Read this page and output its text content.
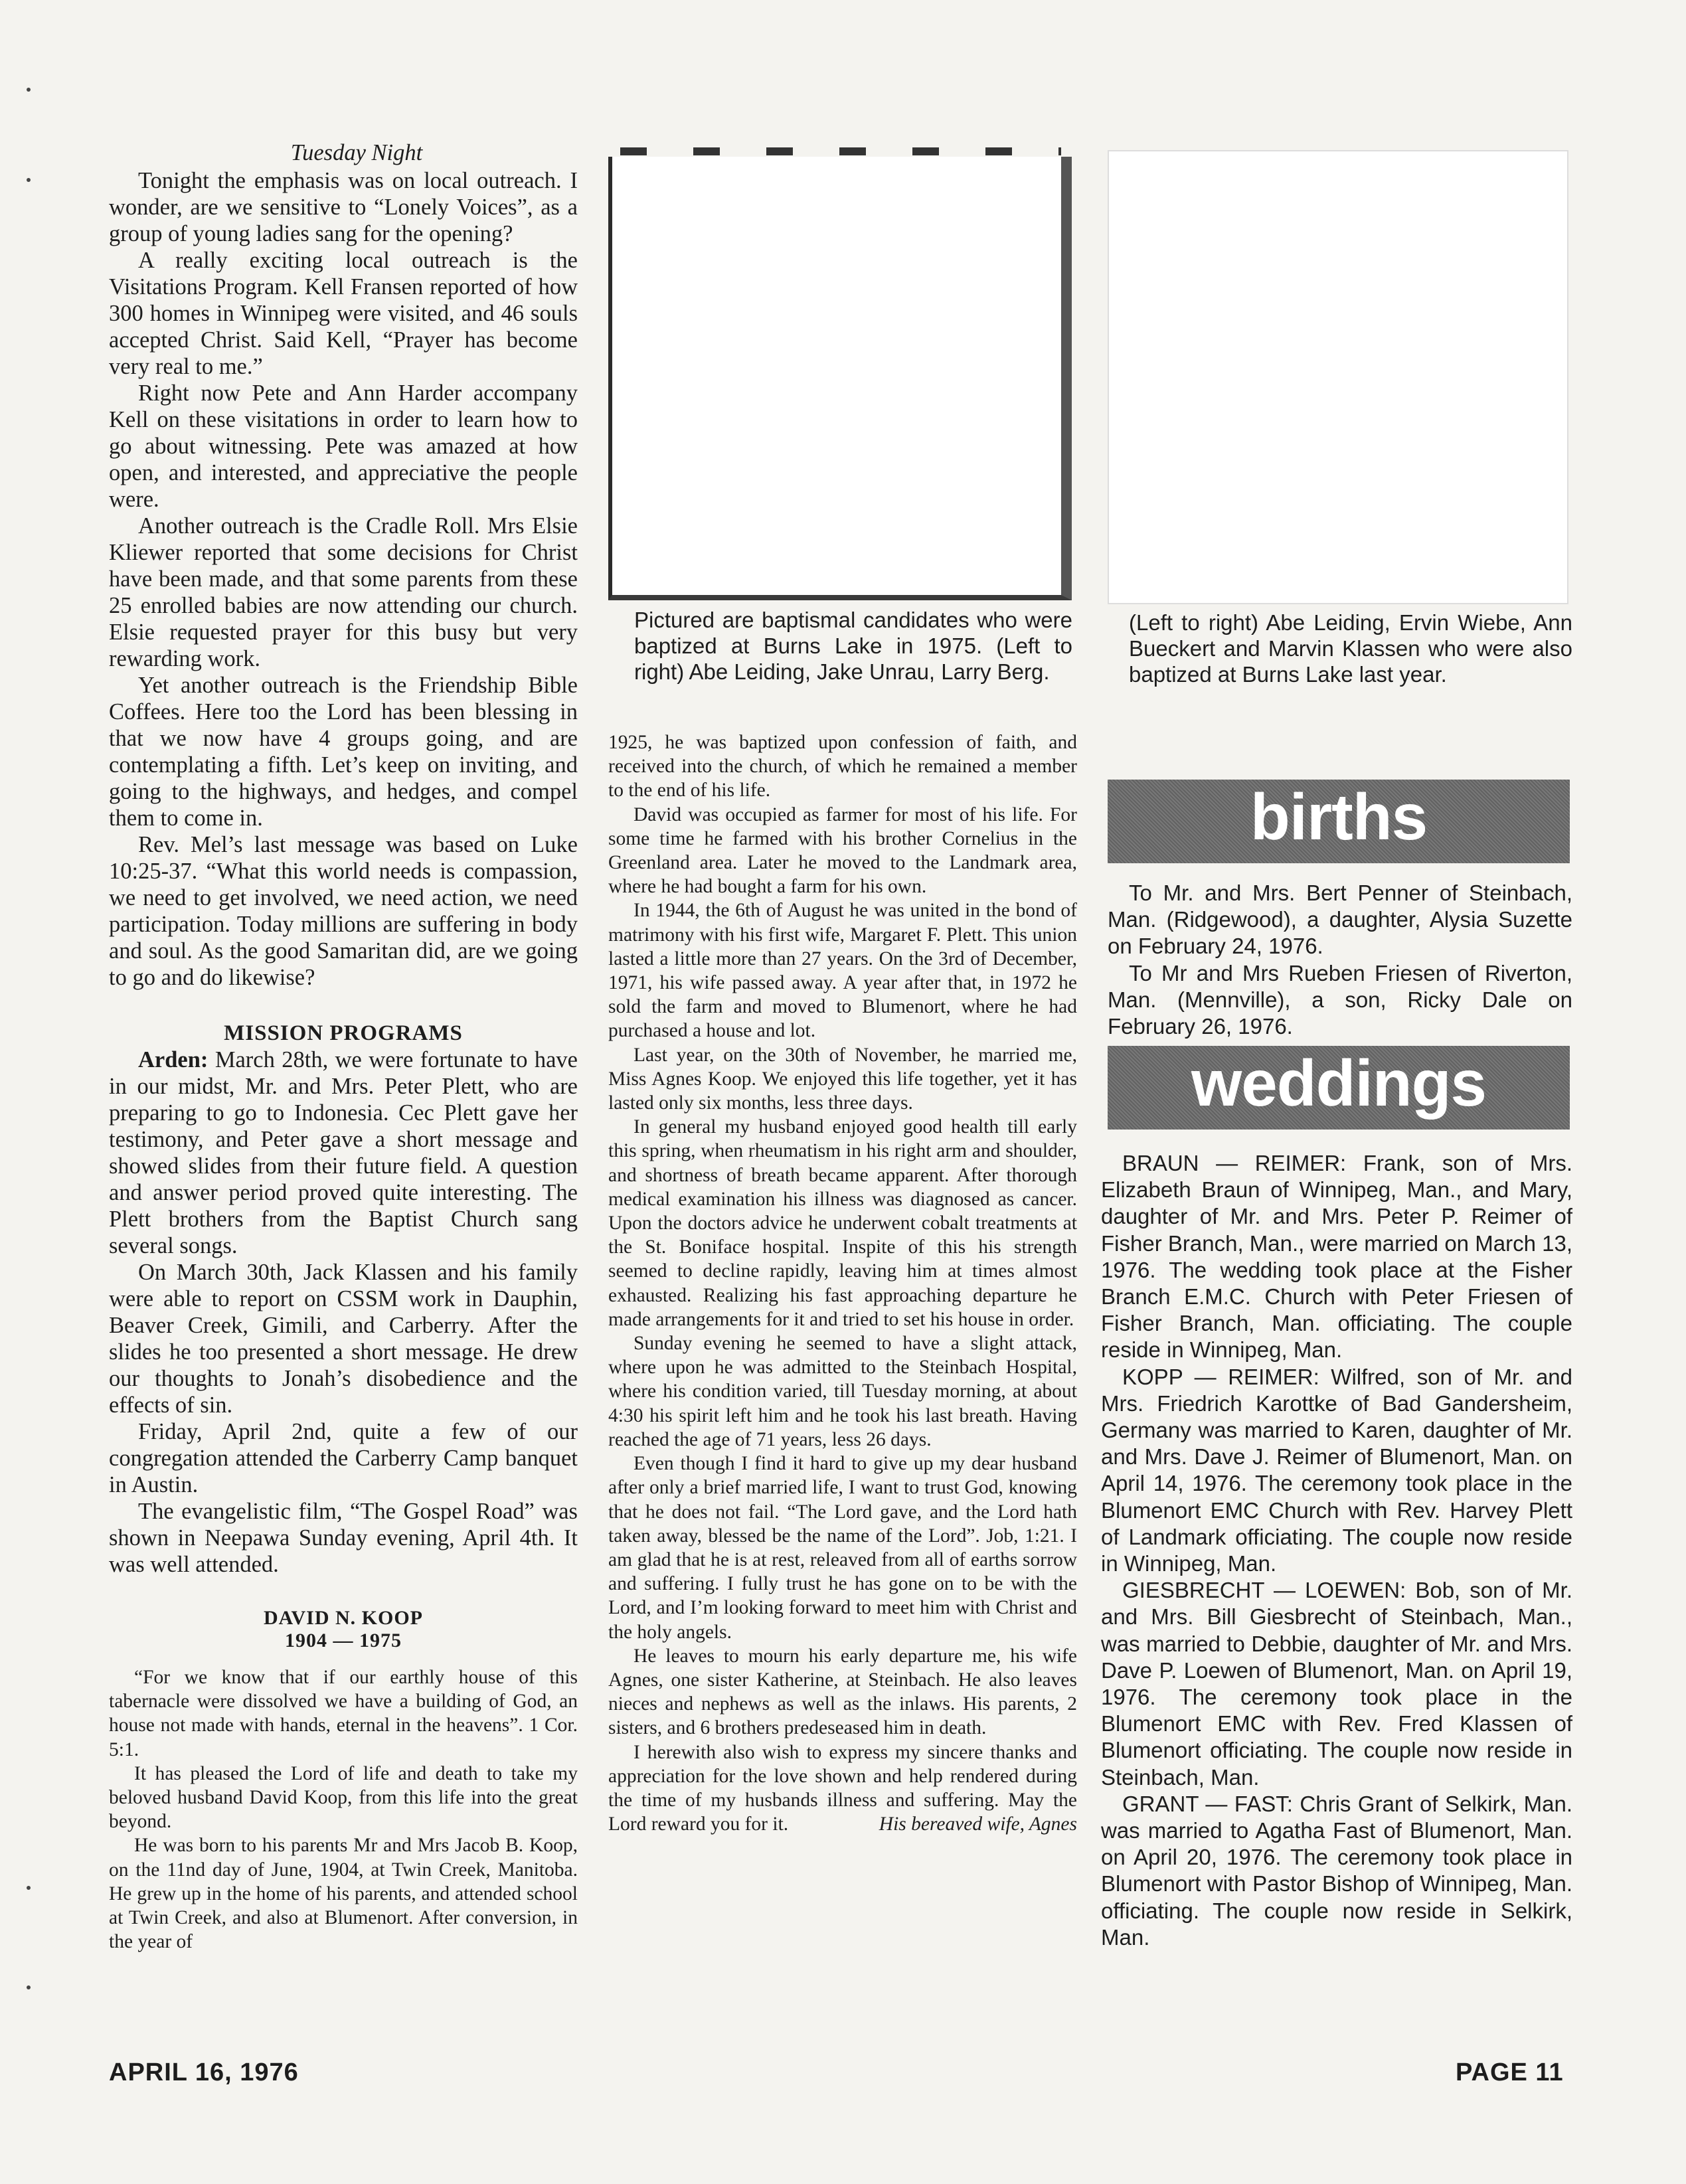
Tuesday Night

Tonight the emphasis was on local outreach. I wonder, are we sensitive to “Lonely Voices”, as a group of young ladies sang for the opening?

A really exciting local outreach is the Visitations Program. Kell Fransen reported of how 300 homes in Winnipeg were visited, and 46 souls accepted Christ. Said Kell, “Prayer has become very real to me.”

Right now Pete and Ann Harder accompany Kell on these visitations in order to learn how to go about witnessing. Pete was amazed at how open, and interested, and appreciative the people were.

Another outreach is the Cradle Roll. Mrs Elsie Kliewer reported that some decisions for Christ have been made, and that some parents from these 25 enrolled babies are now attending our church. Elsie requested prayer for this busy but very rewarding work.

Yet another outreach is the Friendship Bible Coffees. Here too the Lord has been blessing in that we now have 4 groups going, and are contemplating a fifth. Let’s keep on inviting, and going to the highways, and hedges, and compel them to come in.

Rev. Mel’s last message was based on Luke 10:25-37. “What this world needs is compassion, we need to get involved, we need action, we need participation. Today millions are suffering in body and soul. As the good Samaritan did, are we going to go and do likewise?

MISSION PROGRAMS

Arden: March 28th, we were fortunate to have in our midst, Mr. and Mrs. Peter Plett, who are preparing to go to Indonesia. Cec Plett gave her testimony, and Peter gave a short message and showed slides from their future field. A question and answer period proved quite interesting. The Plett brothers from the Baptist Church sang several songs.

On March 30th, Jack Klassen and his family were able to report on CSSM work in Dauphin, Beaver Creek, Gimili, and Carberry. After the slides he too presented a short message. He drew our thoughts to Jonah’s disobedience and the effects of sin.

Friday, April 2nd, quite a few of our congregation attended the Carberry Camp banquet in Austin.

The evangelistic film, “The Gospel Road” was shown in Neepawa Sunday evening, April 4th. It was well attended.

DAVID N. KOOP
1904 — 1975

“For we know that if our earthly house of this tabernacle were dissolved we have a building of God, an house not made with hands, eternal in the heavens”. 1 Cor. 5:1.

It has pleased the Lord of life and death to take my beloved husband David Koop, from this life into the great beyond.

He was born to his parents Mr and Mrs Jacob B. Koop, on the 11nd day of June, 1904, at Twin Creek, Manitoba. He grew up in the home of his parents, and attended school at Twin Creek, and also at Blumenort. After conversion, in the year of

Pictured are baptismal candidates who were baptized at Burns Lake in 1975. (Left to right) Abe Leiding, Jake Unrau, Larry Berg.
(Left to right) Abe Leiding, Ervin Wiebe, Ann Bueckert and Marvin Klassen who were also baptized at Burns Lake last year.

1925, he was baptized upon confession of faith, and received into the church, of which he remained a member to the end of his life.

David was occupied as farmer for most of his life. For some time he farmed with his brother Cornelius in the Greenland area. Later he moved to the Landmark area, where he had bought a farm for his own.

In 1944, the 6th of August he was united in the bond of matrimony with his first wife, Margaret F. Plett. This union lasted a little more than 27 years. On the 3rd of December, 1971, his wife passed away. A year after that, in 1972 he sold the farm and moved to Blumenort, where he had purchased a house and lot.

Last year, on the 30th of November, he married me, Miss Agnes Koop. We enjoyed this life together, yet it has lasted only six months, less three days.

In general my husband enjoyed good health till early this spring, when rheumatism in his right arm and shoulder, and shortness of breath became apparent. After thorough medical examination his illness was diagnosed as cancer. Upon the doctors advice he underwent cobalt treatments at the St. Boniface hospital. Inspite of this his strength seemed to decline rapidly, leaving him at times almost exhausted. Realizing his fast approaching departure he made arrangements for it and tried to set his house in order.

Sunday evening he seemed to have a slight attack, where upon he was admitted to the Steinbach Hospital, where his condition varied, till Tuesday morning, at about 4:30 his spirit left him and he took his last breath. Having reached the age of 71 years, less 26 days.

Even though I find it hard to give up my dear husband after only a brief married life, I want to trust God, knowing that he does not fail. “The Lord gave, and the Lord hath taken away, blessed be the name of the Lord”. Job, 1:21. I am glad that he is at rest, releaved from all of earths sorrow and suffering. I fully trust he has gone on to be with the Lord, and I’m looking forward to meet him with Christ and the holy angels.

He leaves to mourn his early departure me, his wife Agnes, one sister Katherine, at Steinbach. He also leaves nieces and nephews as well as the inlaws. His parents, 2 sisters, and 6 brothers predeseased him in death.

I herewith also wish to express my sincere thanks and appreciation for the love shown and help rendered during the time of my husbands illness and suffering. May the Lord reward you for it.	His bereaved wife, Agnes
births

To Mr. and Mrs. Bert Penner of Steinbach, Man. (Ridgewood), a daughter, Alysia Suzette on February 24, 1976.

To Mr and Mrs Rueben Friesen of Riverton, Man. (Mennville), a son, Ricky Dale on February 26, 1976.

weddings

BRAUN — REIMER: Frank, son of Mrs. Elizabeth Braun of Winnipeg, Man., and Mary, daughter of Mr. and Mrs. Peter P. Reimer of Fisher Branch, Man., were married on March 13, 1976. The wedding took place at the Fisher Branch E.M.C. Church with Peter Friesen of Fisher Branch, Man. officiating. The couple reside in Winnipeg, Man.

KOPP — REIMER: Wilfred, son of Mr. and Mrs. Friedrich Karottke of Bad Gandersheim, Germany was married to Karen, daughter of Mr. and Mrs. Dave J. Reimer of Blumenort, Man. on April 14, 1976. The ceremony took place in the Blumenort EMC Church with Rev. Harvey Plett of Landmark officiating. The couple now reside in Winnipeg, Man.

GIESBRECHT — LOEWEN: Bob, son of Mr. and Mrs. Bill Giesbrecht of Steinbach, Man., was married to Debbie, daughter of Mr. and Mrs. Dave P. Loewen of Blumenort, Man. on April 19, 1976. The ceremony took place in the Blumenort EMC with Rev. Fred Klassen of Blumenort officiating. The couple now reside in Steinbach, Man.

GRANT — FAST: Chris Grant of Selkirk, Man. was married to Agatha Fast of Blumenort, Man. on April 20, 1976. The ceremony took place in Blumenort with Pastor Bishop of Winnipeg, Man. officiating. The couple now reside in Selkirk, Man.

APRIL 16, 1976	PAGE 11
